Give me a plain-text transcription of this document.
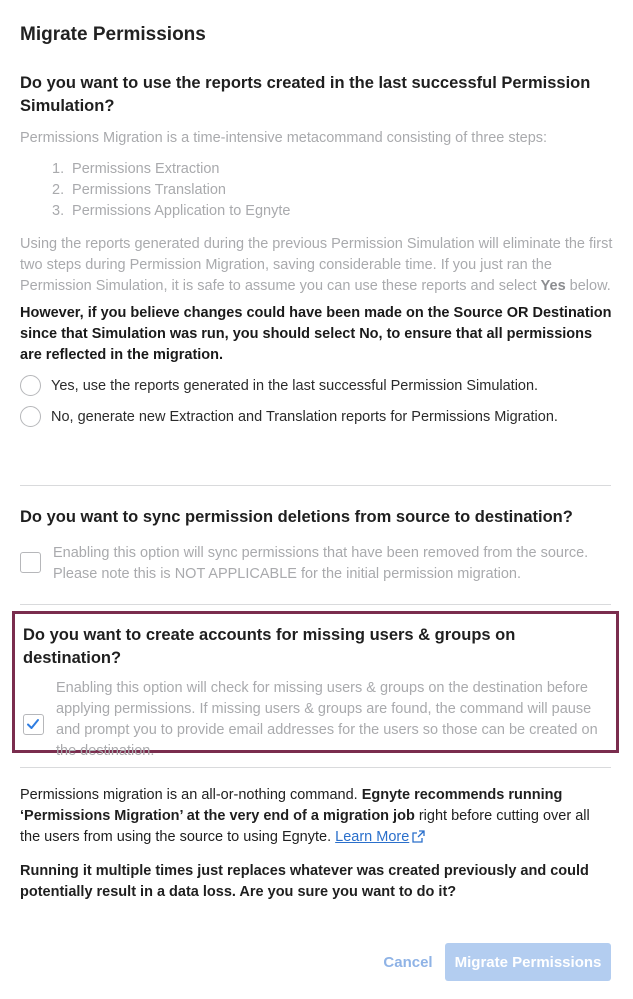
Migrate Permissions
Do you want to use the reports created in the last successful Permission Simulation?
Permissions Migration is a time-intensive metacommand consisting of three steps:
1. Permissions Extraction
2. Permissions Translation
3. Permissions Application to Egnyte
Using the reports generated during the previous Permission Simulation will eliminate the first two steps during Permission Migration, saving considerable time. If you just ran the Permission Simulation, it is safe to assume you can use these reports and select Yes below.
However, if you believe changes could have been made on the Source OR Destination since that Simulation was run, you should select No, to ensure that all permissions are reflected in the migration.
Yes, use the reports generated in the last successful Permission Simulation.
No, generate new Extraction and Translation reports for Permissions Migration.
Do you want to sync permission deletions from source to destination?
Enabling this option will sync permissions that have been removed from the source. Please note this is NOT APPLICABLE for the initial permission migration.
Do you want to create accounts for missing users & groups on destination?
Enabling this option will check for missing users & groups on the destination before applying permissions. If missing users & groups are found, the command will pause and prompt you to provide email addresses for the users so those can be created on the destination.
Permissions migration is an all-or-nothing command. Egnyte recommends running ‘Permissions Migration’ at the very end of a migration job right before cutting over all the users from using the source to using Egnyte. Learn More
Running it multiple times just replaces whatever was created previously and could potentially result in a data loss. Are you sure you want to do it?
Cancel	Migrate Permissions
